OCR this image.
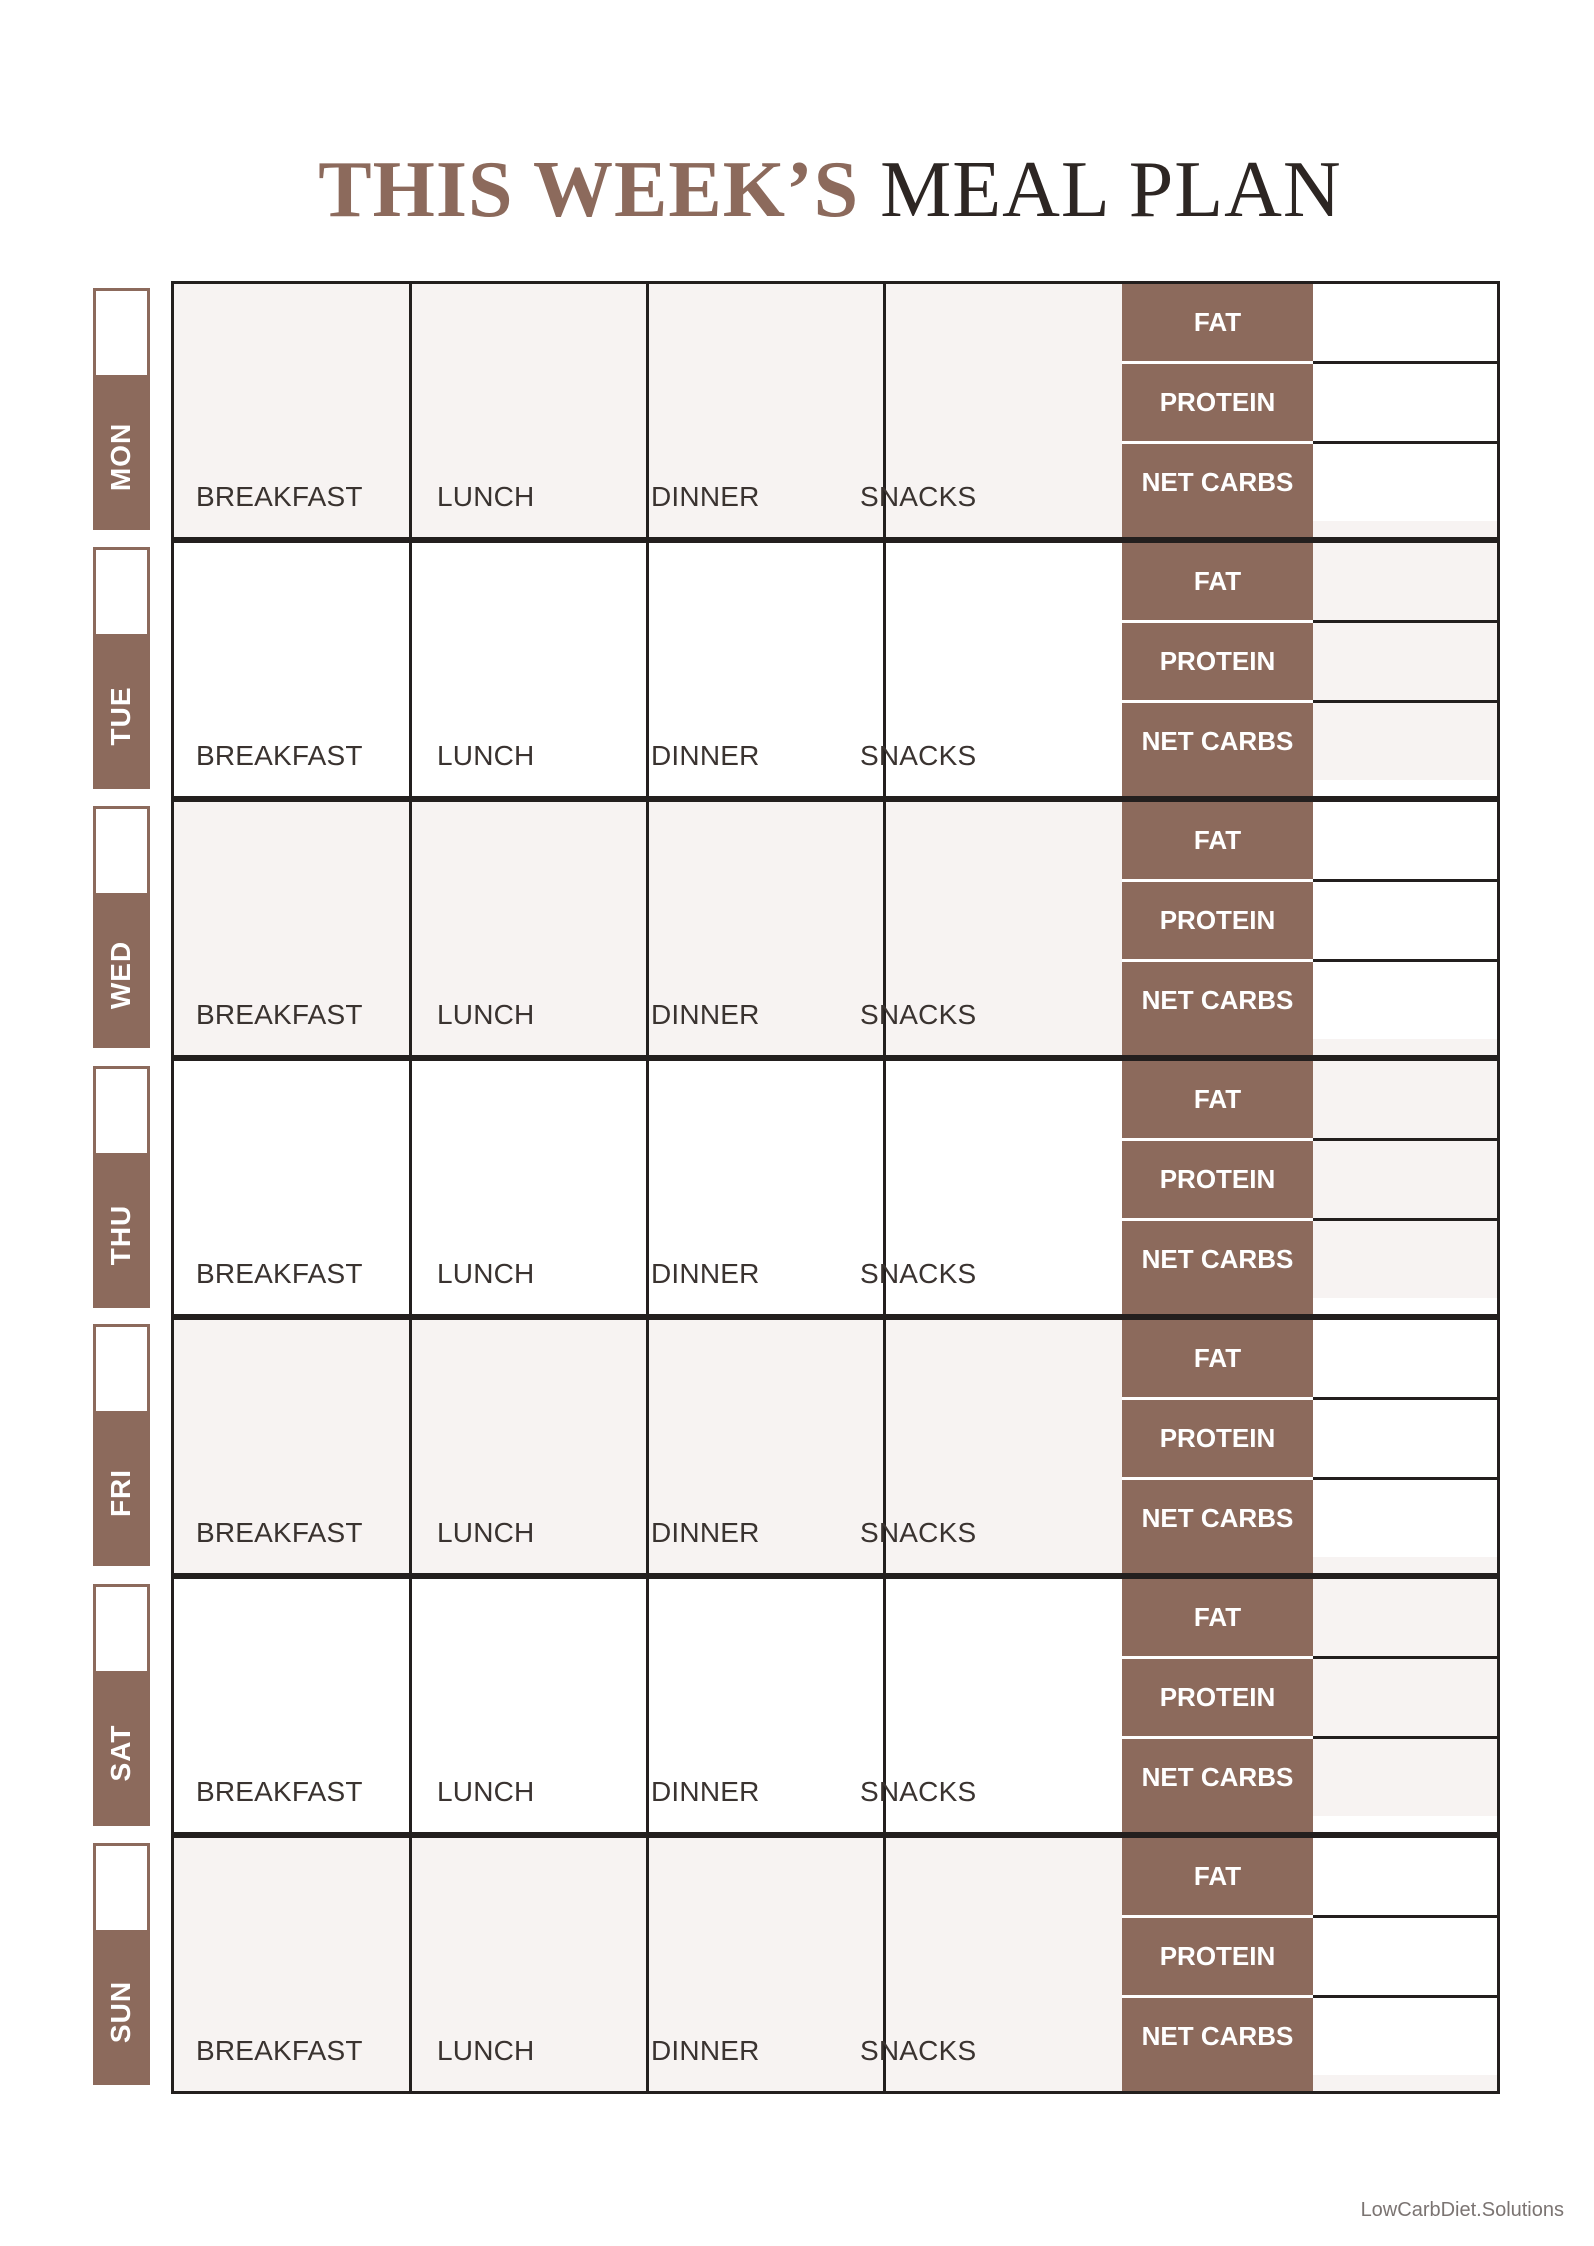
THIS WEEK’S MEAL PLAN
MON
BREAKFAST	LUNCH	DINNER	SNACKS
FAT
PROTEIN
NET CARBS
TUE
BREAKFAST	LUNCH	DINNER	SNACKS
FAT
PROTEIN
NET CARBS
WED
BREAKFAST	LUNCH	DINNER	SNACKS
FAT
PROTEIN
NET CARBS
THU
BREAKFAST	LUNCH	DINNER	SNACKS
FAT
PROTEIN
NET CARBS
FRI
BREAKFAST	LUNCH	DINNER	SNACKS
FAT
PROTEIN
NET CARBS
SAT
BREAKFAST	LUNCH	DINNER	SNACKS
FAT
PROTEIN
NET CARBS
SUN
BREAKFAST	LUNCH	DINNER	SNACKS
FAT
PROTEIN
NET CARBS
LowCarbDiet.Solutions
